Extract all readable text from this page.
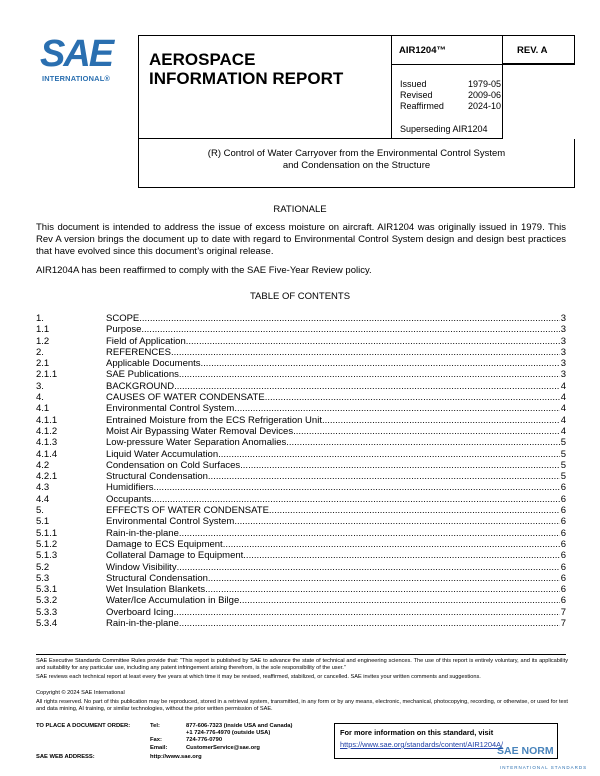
SAE
INTERNATIONAL®
AEROSPACE
INFORMATION REPORT
AIR1204™	REV. A
Issued	1979-05
Revised	2009-06
Reaffirmed	2024-10
Superseding AIR1204
(R) Control of Water Carryover from the Environmental Control System
and Condensation on the Structure
RATIONALE
This document is intended to address the issue of excess moisture on aircraft. AIR1204 was originally issued in 1979. This Rev A version brings the document up to date with regard to Environmental Control System design and design best practices that have evolved since this document’s original release.
AIR1204A has been reaffirmed to comply with the SAE Five-Year Review policy.
TABLE OF CONTENTS
1.	SCOPE .....	3
1.1	Purpose .....	3
1.2	Field of Application .....	3
2.	REFERENCES .....	3
2.1	Applicable Documents .....	3
2.1.1	SAE Publications .....	3
3.	BACKGROUND .....	4
4.	CAUSES OF WATER CONDENSATE .....	4
4.1	Environmental Control System .....	4
4.1.1	Entrained Moisture from the ECS Refrigeration Unit .....	4
4.1.2	Moist Air Bypassing Water Removal Devices .....	4
4.1.3	Low-pressure Water Separation Anomalies .....	5
4.1.4	Liquid Water Accumulation .....	5
4.2	Condensation on Cold Surfaces .....	5
4.2.1	Structural Condensation .....	5
4.3	Humidifiers .....	6
4.4	Occupants .....	6
5.	EFFECTS OF WATER CONDENSATE .....	6
5.1	Environmental Control System .....	6
5.1.1	Rain-in-the-plane .....	6
5.1.2	Damage to ECS Equipment .....	6
5.1.3	Collateral Damage to Equipment .....	6
5.2	Window Visibility .....	6
5.3	Structural Condensation .....	6
5.3.1	Wet Insulation Blankets .....	6
5.3.2	Water/Ice Accumulation in Bilge .....	6
5.3.3	Overboard Icing .....	7
5.3.4	Rain-in-the-plane .....	7
SAE Executive Standards Committee Rules provide that: “This report is published by SAE to advance the state of technical and engineering sciences. The use of this report is entirely voluntary, and its applicability and suitability for any particular use, including any patent infringement arising therefrom, is the sole responsibility of the user.”
SAE reviews each technical report at least every five years at which time it may be revised, reaffirmed, stabilized, or cancelled. SAE invites your written comments and suggestions.
Copyright © 2024 SAE International
All rights reserved. No part of this publication may be reproduced, stored in a retrieval system, transmitted, in any form or by any means, electronic, mechanical, photocopying, recording, or otherwise, or used for text and data mining, AI training, or similar technologies, without the prior written permission of SAE.
TO PLACE A DOCUMENT ORDER:	Tel:	877-606-7323 (inside USA and Canada)
+1 724-776-4970 (outside USA)
Fax:	724-776-0790
Email:	CustomerService@sae.org
SAE WEB ADDRESS:	http://www.sae.org
For more information on this standard, visit
https://www.sae.org/standards/content/AIR1204A/
SAE NORM
INTERNATIONAL STANDARDS
